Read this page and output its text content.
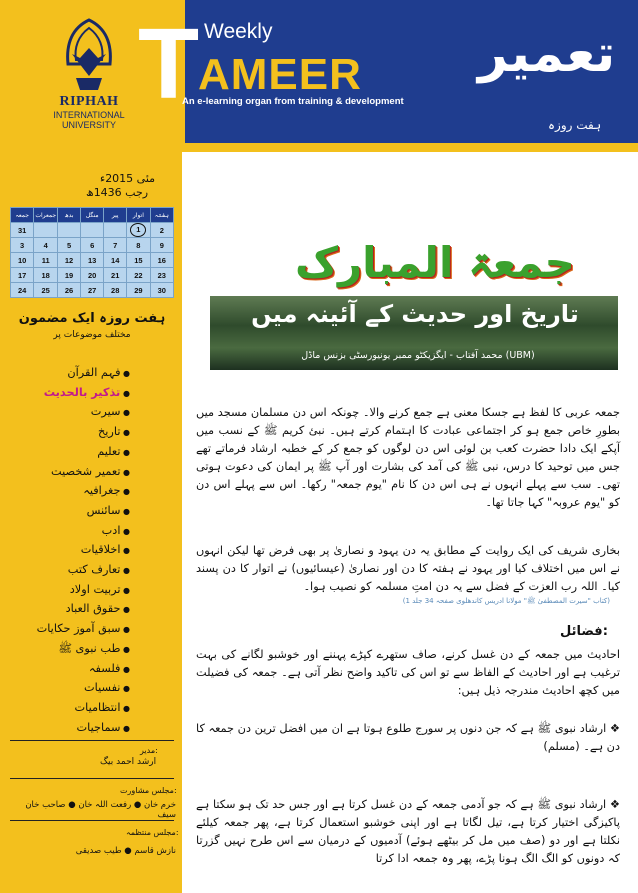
RIPHAH
INTERNATIONAL
UNIVERSITY
T Weekly
AMEER
An e-learning organ from training & development
تعمیر
ہفت روزہ
مئی 2015ء
رجب 1436ھ
جمعہ	جمعرات	بدھ	منگل	پیر	اتوار	ہفتہ
31					1	2
3	4	5	6	7	8	9
10	11	12	13	14	15	16
17	18	19	20	21	22	23
24	25	26	27	28	29	30
ہفت روزہ ایک مضمون
مختلف موضوعات پر
● فہم القرآن
● تذکیر بالحدیث
● سیرت
● تاریخ
● تعلیم
● تعمیر شخصیت
● جغرافیہ
● سائنس
● ادب
● اخلاقیات
● تعارف کتب
● تربیت اولاد
● حقوق العباد
● سبق آموز حکایات
● طب نبوی ﷺ
● فلسفہ
● نفسیات
● انتظامیات
● سماجیات
مدیر:
ارشد احمد بیگ
مجلس مشاورت:
خرم خان ● رفعت اللہ خان ● صاحب خان سیف
مجلس منتظمہ:
نازش قاسم ● طیب صدیقی
جمعۃ المبارک
تاریخ اور حدیث کے آئینہ میں
محمد آفتاب - ایگزیکٹو ممبر یونیورسٹی بزنس ماڈل (UBM)
جمعہ عربی کا لفظ ہے جسکا معنی ہے جمع کرنے والا۔ چونکہ اس دن مسلمان مسجد میں بطورِ خاص جمع ہو کر اجتماعی عبادت کا اہتمام کرتے ہیں۔ نبئ کریم ﷺ کے نسب میں آپکے ایک دادا حضرت کعب بن لوئی اس دن لوگوں کو جمع کر کے خطبہ ارشاد فرماتے تھے جس میں توحید کا درس، نبی ﷺ کی آمد کی بشارت اور آپ ﷺ پر ایمان کی دعوت ہوتی تھی۔ سب سے پہلے انہوں نے ہی اس دن کا نام "یوم جمعہ" رکھا۔ اس سے پہلے اس دن کو "یوم عروبہ" کہا جاتا تھا۔
بخاری شریف کی ایک روایت کے مطابق یہ دن یہود و نصاریٰ پر بھی فرض تھا لیکن انہوں نے اس میں اختلاف کیا اور یہود نے ہفتہ کا دن اور نصاریٰ (عیسائیوں) نے اتوار کا دن پسند کیا۔ اللہ رب العزت کے فضل سے یہ دن امتِ مسلمہ کو نصیب ہوا۔
(کتاب "سیرت المصطفیٰ ﷺ" مولانا ادریس کاندھلوی صفحہ 34 جلد 1)
فضائل:
احادیث میں جمعہ کے دن غسل کرنے، صاف ستھرے کپڑے پہننے اور خوشبو لگانے کی بہت ترغیب ہے اور احادیث کے الفاظ سے تو اس کی تاکید واضح نظر آتی ہے۔ جمعہ کی فضیلت میں کچھ احادیث مندرجہ ذیل ہیں:
❖ ارشاد نبوی ﷺ ہے کہ جن دنوں پر سورج طلوع ہوتا ہے ان میں افضل ترین دن جمعہ کا دن ہے۔ (مسلم)
❖ ارشاد نبوی ﷺ ہے کہ جو آدمی جمعہ کے دن غسل کرتا ہے اور جس حد تک ہو سکتا ہے پاکیزگی اختیار کرتا ہے، تیل لگاتا ہے اور اپنی خوشبو استعمال کرتا ہے، پھر جمعہ کیلئے نکلتا ہے اور دو (صف میں مل کر بیٹھے ہوئے) آدمیوں کے درمیان سے اس طرح نہیں گزرتا کہ دونوں کو الگ الگ ہونا پڑے، پھر وہ جمعہ ادا کرتا
